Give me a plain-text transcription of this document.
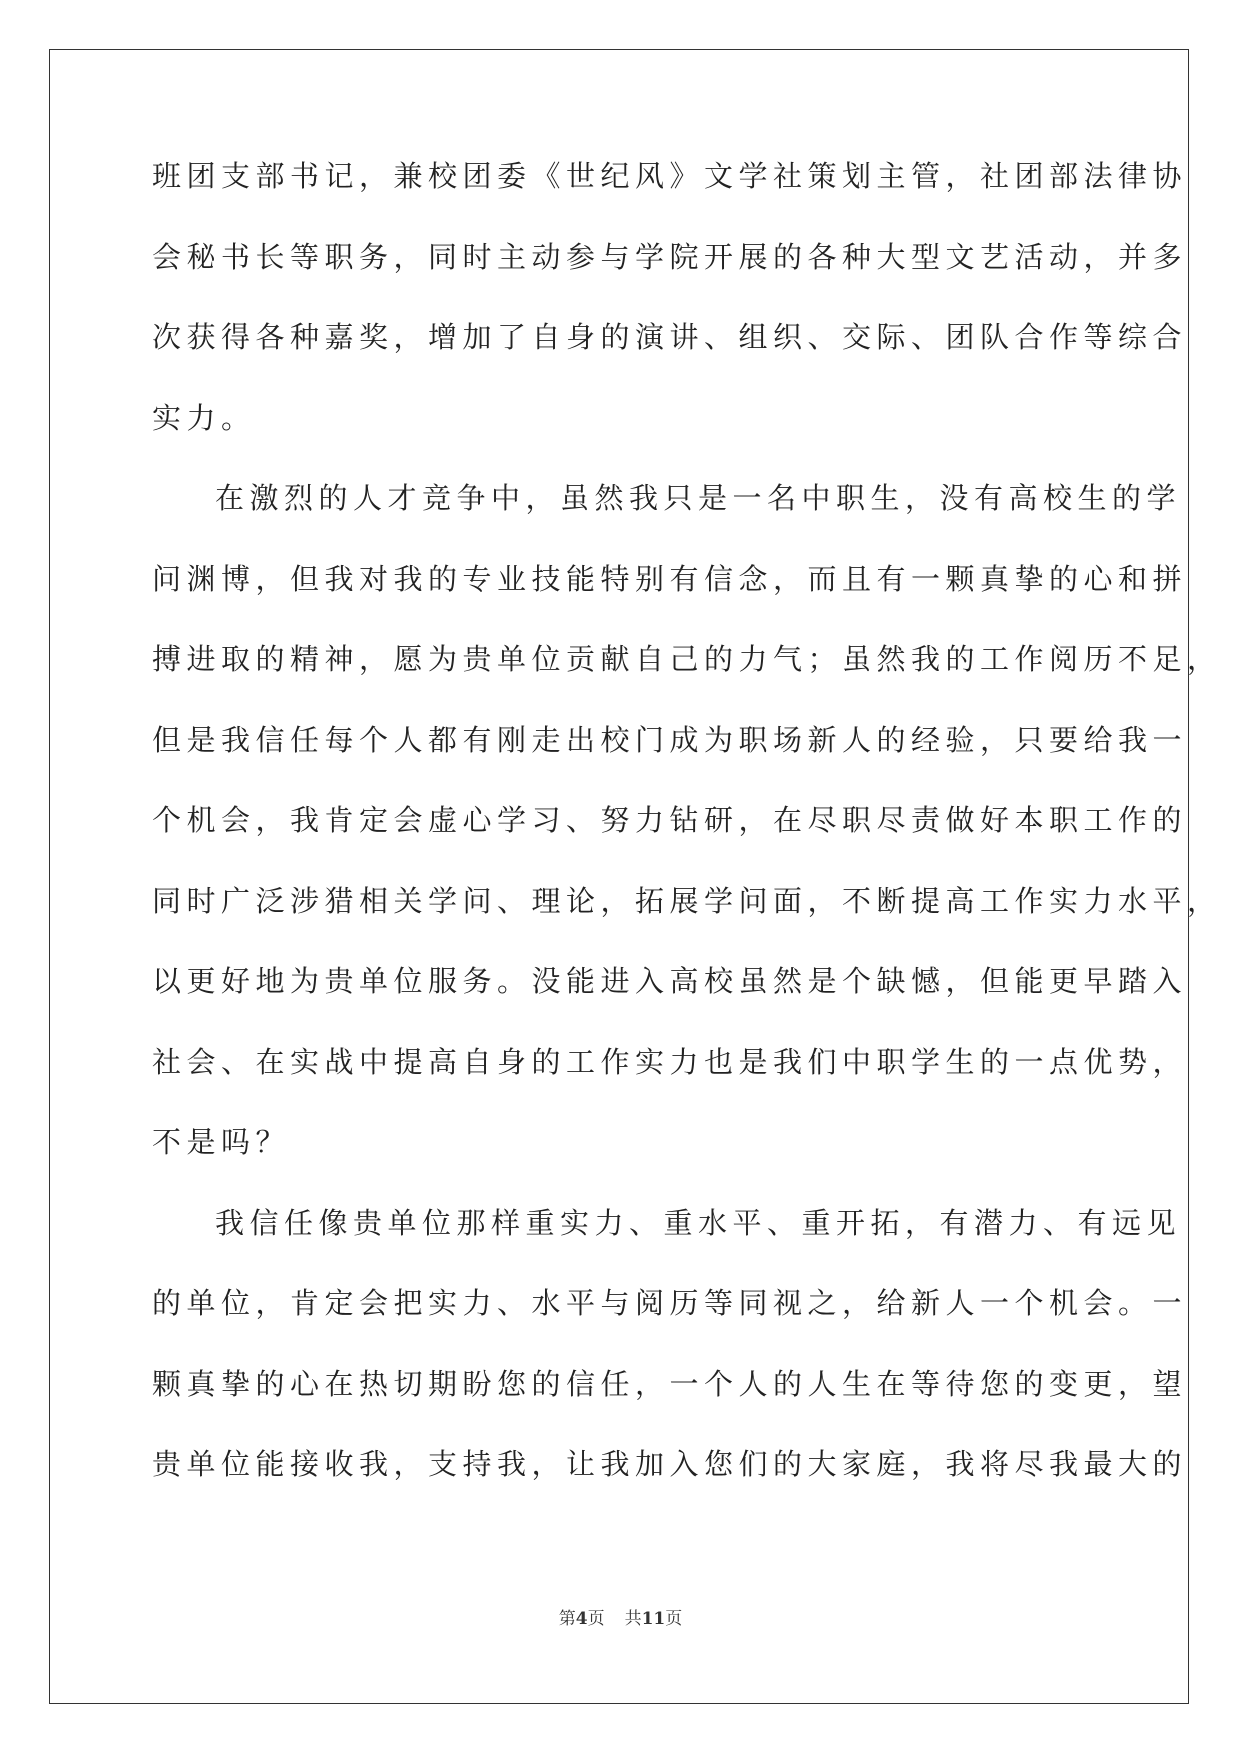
班团支部书记，兼校团委《世纪风》文学社策划主管，社团部法律协
会秘书长等职务，同时主动参与学院开展的各种大型文艺活动，并多
次获得各种嘉奖，增加了自身的演讲、组织、交际、团队合作等综合
实力。
在激烈的人才竞争中，虽然我只是一名中职生，没有高校生的学
问渊博，但我对我的专业技能特别有信念，而且有一颗真挚的心和拼
搏进取的精神，愿为贵单位贡献自己的力气；虽然我的工作阅历不足，
但是我信任每个人都有刚走出校门成为职场新人的经验，只要给我一
个机会，我肯定会虚心学习、努力钻研，在尽职尽责做好本职工作的
同时广泛涉猎相关学问、理论，拓展学问面，不断提高工作实力水平，
以更好地为贵单位服务。没能进入高校虽然是个缺憾，但能更早踏入
社会、在实战中提高自身的工作实力也是我们中职学生的一点优势，
不是吗？
我信任像贵单位那样重实力、重水平、重开拓，有潜力、有远见
的单位，肯定会把实力、水平与阅历等同视之，给新人一个机会。一
颗真挚的心在热切期盼您的信任，一个人的人生在等待您的变更，望
贵单位能接收我，支持我，让我加入您们的大家庭，我将尽我最大的
第4页 共11页
